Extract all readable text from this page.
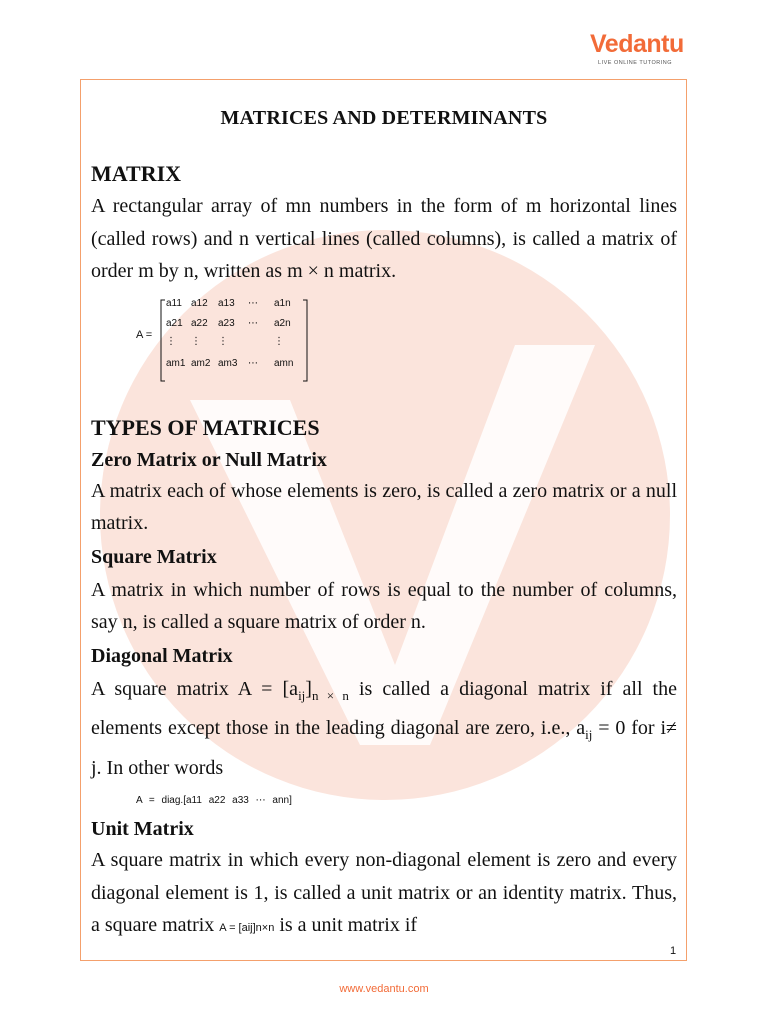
Vedantu
LIVE ONLINE TUTORING
MATRICES AND DETERMINANTS
MATRIX

A rectangular array of mn numbers in the form of m horizontal lines (called rows) and n vertical lines (called columns), is called a matrix of order m by n, written as m × n matrix.

A =
a11 a12 a13 ⋯ a1n
a21 a22 a23 ⋯ a2n
⋮ ⋮ ⋮	⋮
am1 am2 am3 ⋯ amn
TYPES OF MATRICES
Zero Matrix or Null Matrix

A matrix each of whose elements is zero, is called a zero matrix or a null matrix.

Square Matrix

A matrix in which number of rows is equal to the number of columns, say n, is called a square matrix of order n.

Diagonal Matrix

A square matrix $A = [a_{ij}]_{n \times n}$ is called a diagonal matrix if all the elements except those in the leading diagonal are zero, i.e., $a_{ij} = 0$ for i≠ j. In other words

A = diag.[a11 a22 a33 ⋯ ann]
Unit Matrix

A square matrix in which every non-diagonal element is zero and every diagonal element is 1, is called a unit matrix or an identity matrix. Thus, a square matrix A = [aij]n×n is a unit matrix if

1
www.vedantu.com
